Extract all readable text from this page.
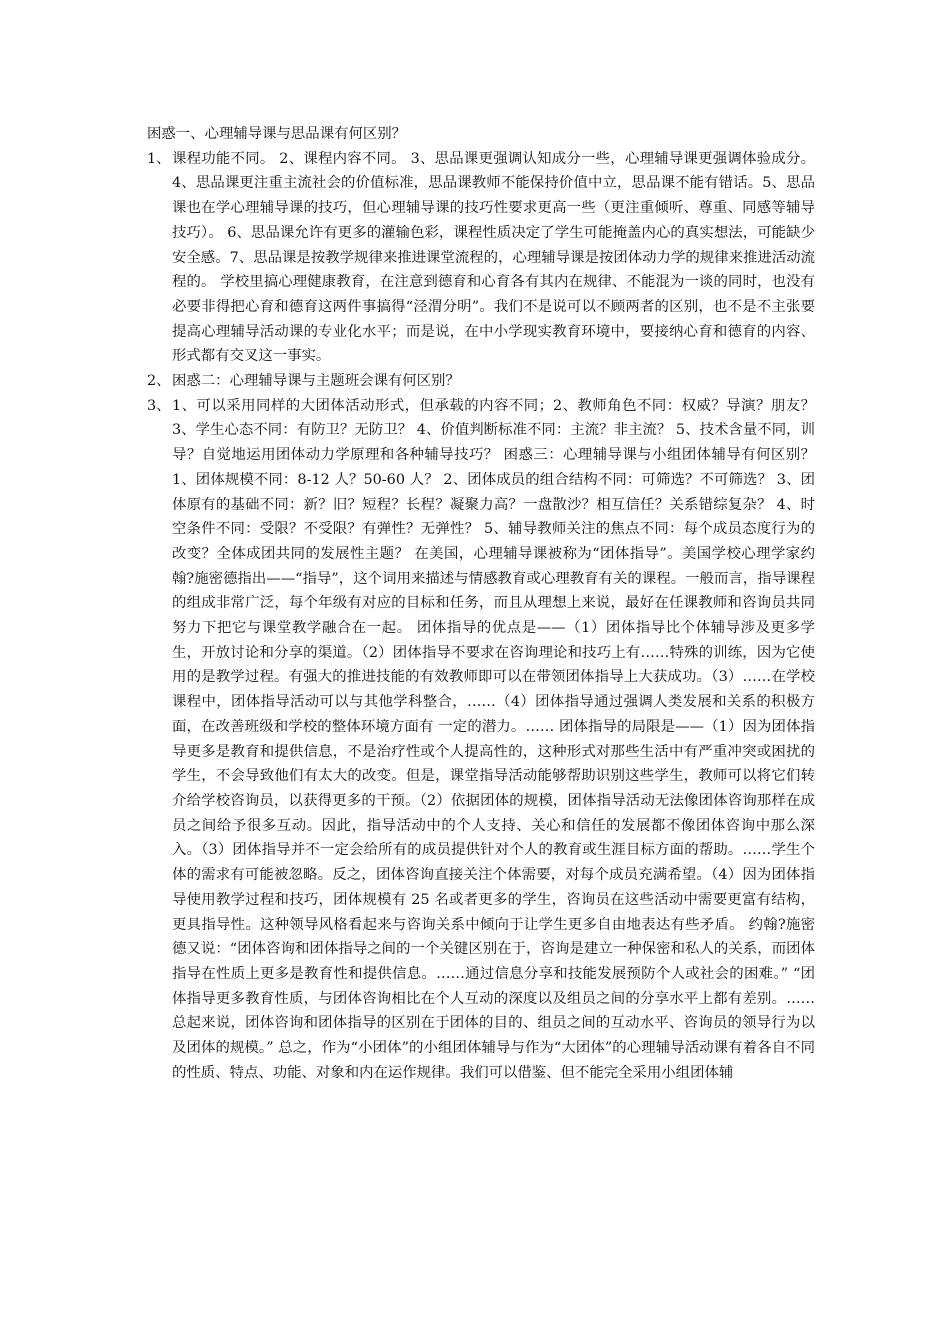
困惑一、心理辅导课与思品课有何区别？

1、 课程功能不同。 2、课程内容不同。 3、思品课更强调认知成分一些，心理辅导课更强调体验成分。 4、思品课更注重主流社会的价值标准，思品课教师不能保持价值中立，思品课不能有错话。5、思品课也在学心理辅导课的技巧，但心理辅导课的技巧性要求更高一些（更注重倾听、尊重、同感等辅导技巧）。 6、思品课允许有更多的灌输色彩，课程性质决定了学生可能掩盖内心的真实想法，可能缺少安全感。7、思品课是按教学规律来推进课堂流程的，心理辅导课是按团体动力学的规律来推进活动流程的。 学校里搞心理健康教育，在注意到德育和心育各有其内在规律、不能混为一谈的同时，也没有必要非得把心育和德育这两件事搞得“泾渭分明”。我们不是说可以不顾两者的区别，也不是不主张要提高心理辅导活动课的专业化水平；而是说，在中小学现实教育环境中，要接纳心育和德育的内容、形式都有交叉这一事实。
2、 困惑二：心理辅导课与主题班会课有何区别？
3、 1、可以采用同样的大团体活动形式，但承载的内容不同；2、教师角色不同：权威？导演？朋友？ 3、学生心态不同：有防卫？无防卫？ 4、价值判断标准不同：主流？非主流？ 5、技术含量不同，训导？自觉地运用团体动力学原理和各种辅导技巧？ 困惑三：心理辅导课与小组团体辅导有何区别？ 1、团体规模不同：8-12 人？50-60 人？ 2、团体成员的组合结构不同：可筛选？不可筛选？ 3、团体原有的基础不同：新？旧？短程？长程？凝聚力高？一盘散沙？相互信任？关系错综复杂？ 4、时空条件不同：受限？不受限？有弹性？无弹性？ 5、辅导教师关注的焦点不同：每个成员态度行为的改变？全体成团共同的发展性主题？ 在美国，心理辅导课被称为“团体指导”。美国学校心理学家约翰?施密德指出——“指导”，这个词用来描述与情感教育或心理教育有关的课程。一般而言，指导课程的组成非常广泛，每个年级有对应的目标和任务，而且从理想上来说，最好在任课教师和咨询员共同努力下把它与课堂教学融合在一起。 团体指导的优点是——（1）团体指导比个体辅导涉及更多学生，开放讨论和分享的渠道。（2）团体指导不要求在咨询理论和技巧上有……特殊的训练，因为它使用的是教学过程。有强大的推进技能的有效教师即可以在带领团体指导上大获成功。（3）……在学校课程中，团体指导活动可以与其他学科整合，……（4）团体指导通过强调人类发展和关系的积极方面，在改善班级和学校的整体环境方面有 一定的潜力。…… 团体指导的局限是——（1）因为团体指导更多是教育和提供信息，不是治疗性或个人提高性的，这种形式对那些生活中有严重冲突或困扰的学生，不会导致他们有太大的改变。但是，课堂指导活动能够帮助识别这些学生，教师可以将它们转介给学校咨询员，以获得更多的干预。（2）依据团体的规模，团体指导活动无法像团体咨询那样在成员之间给予很多互动。因此，指导活动中的个人支持、关心和信任的发展都不像团体咨询中那么深入。（3）团体指导并不一定会给所有的成员提供针对个人的教育或生涯目标方面的帮助。……学生个体的需求有可能被忽略。反之，团体咨询直接关注个体需要，对每个成员充满希望。（4）因为团体指导使用教学过程和技巧，团体规模有 25 名或者更多的学生，咨询员在这些活动中需要更富有结构，更具指导性。这种领导风格看起来与咨询关系中倾向于让学生更多自由地表达有些矛盾。 约翰?施密德又说：“团体咨询和团体指导之间的一个关键区别在于，咨询是建立一种保密和私人的关系，而团体指导在性质上更多是教育性和提供信息。……通过信息分享和技能发展预防个人或社会的困难。” “团体指导更多教育性质，与团体咨询相比在个人互动的深度以及组员之间的分享水平上都有差别。……总起来说，团体咨询和团体指导的区别在于团体的目的、组员之间的互动水平、咨询员的领导行为以及团体的规模。” 总之，作为“小团体”的小组团体辅导与作为“大团体”的心理辅导活动课有着各自不同的性质、特点、功能、对象和内在运作规律。我们可以借鉴、但不能完全采用小组团体辅
